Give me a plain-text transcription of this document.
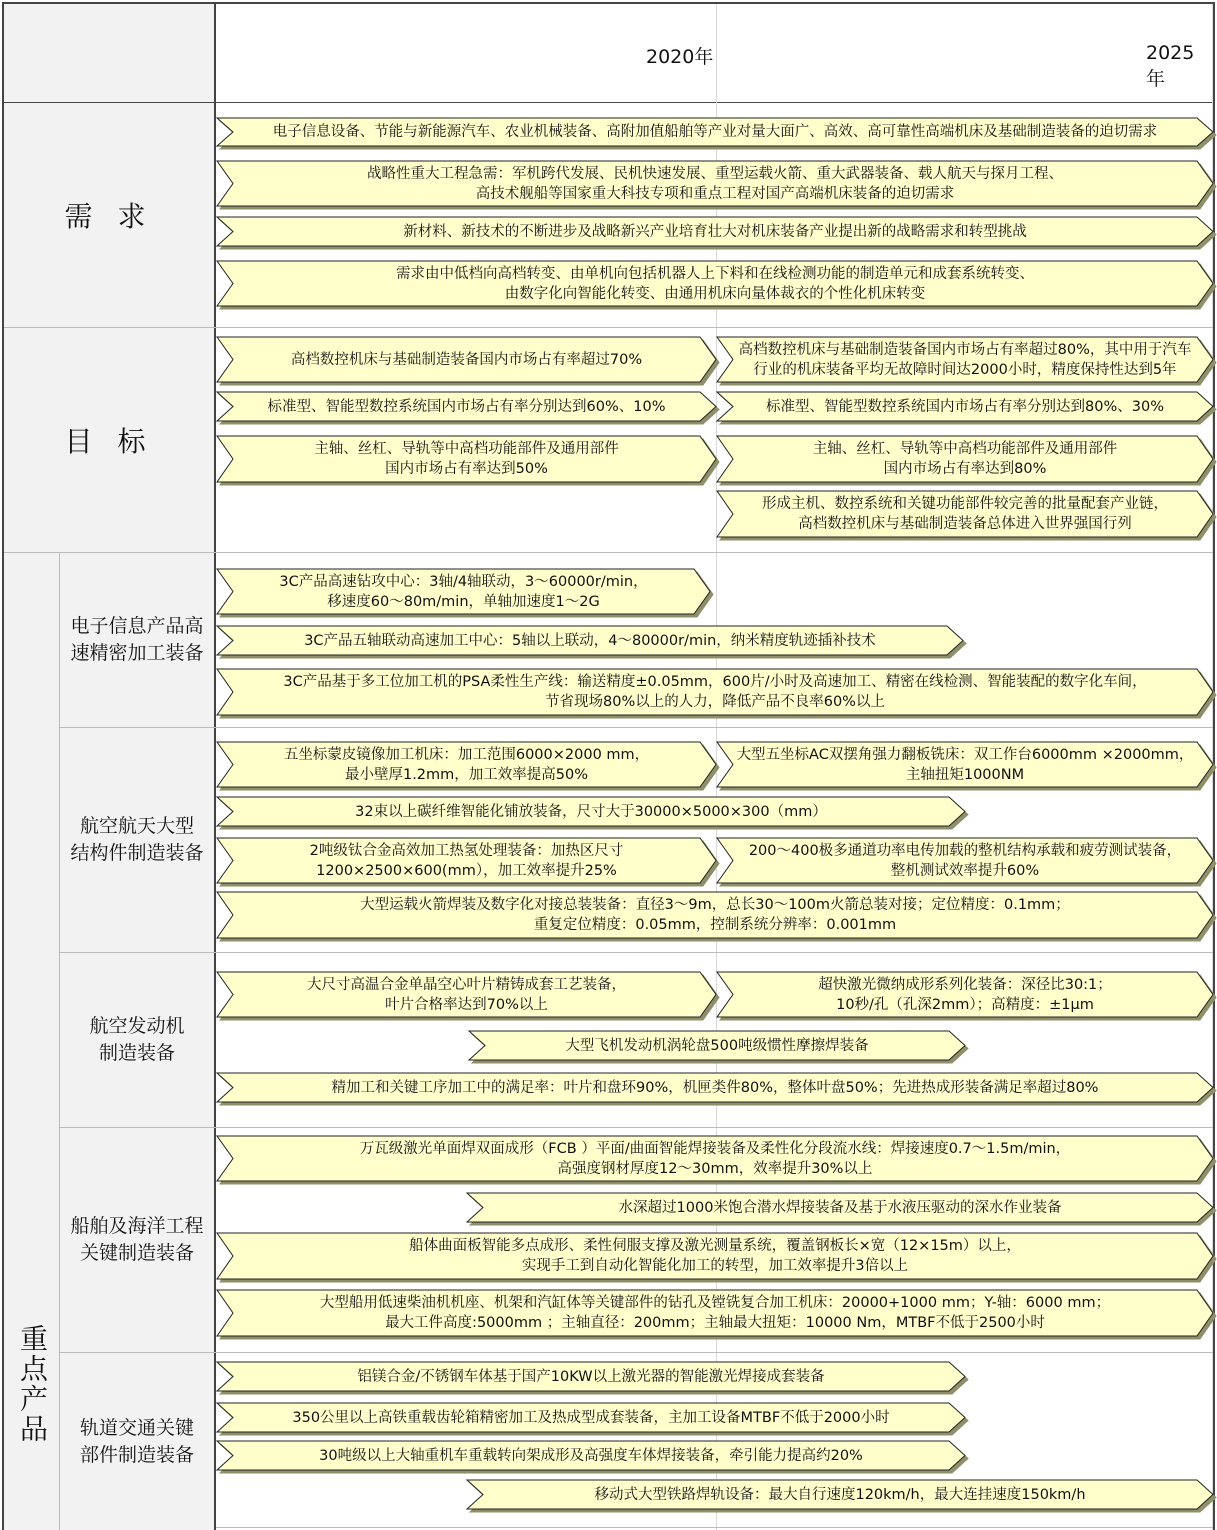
2020年	2025年
需 求
目 标
重点产品
电子信息产品高
速精密加工装备
航空航天大型
结构件制造装备
航空发动机
制造装备
船舶及海洋工程
关键制造装备
轨道交通关键
部件制造装备
电子信息设备、节能与新能源汽车、农业机械装备、高附加值船舶等产业对量大面广、高效、高可靠性高端机床及基础制造装备的迫切需求
战略性重大工程急需：军机跨代发展、民机快速发展、重型运载火箭、重大武器装备、载人航天与探月工程、
高技术舰船等国家重大科技专项和重点工程对国产高端机床装备的迫切需求
新材料、新技术的不断进步及战略新兴产业培育壮大对机床装备产业提出新的战略需求和转型挑战
需求由中低档向高档转变、由单机向包括机器人上下料和在线检测功能的制造单元和成套系统转变、
由数字化向智能化转变、由通用机床向量体裁衣的个性化机床转变
高档数控机床与基础制造装备国内市场占有率超过70%
高档数控机床与基础制造装备国内市场占有率超过80%，其中用于汽车
行业的机床装备平均无故障时间达2000小时，精度保持性达到5年
标准型、智能型数控系统国内市场占有率分别达到60%、10%	标准型、智能型数控系统国内市场占有率分别达到80%、30%
主轴、丝杠、导轨等中高档功能部件及通用部件
国内市场占有率达到50%
主轴、丝杠、导轨等中高档功能部件及通用部件
国内市场占有率达到80%
形成主机、数控系统和关键功能部件较完善的批量配套产业链，
高档数控机床与基础制造装备总体进入世界强国行列
3C产品高速钻攻中心：3轴/4轴联动，3～60000r/min，
移速度60～80m/min，单轴加速度1～2G
3C产品五轴联动高速加工中心：5轴以上联动，4～80000r/min，纳米精度轨迹插补技术
3C产品基于多工位加工机的PSA柔性生产线：输送精度±0.05mm，600片/小时及高速加工、精密在线检测、智能装配的数字化车间，
节省现场80%以上的人力，降低产品不良率60%以上
五坐标蒙皮镜像加工机床：加工范围6000×2000 mm，
最小壁厚1.2mm，加工效率提高50%
大型五坐标AC双摆角强力翻板铣床：双工作台6000mm ×2000mm，
主轴扭矩1000NM
32束以上碳纤维智能化铺放装备，尺寸大于30000×5000×300（mm）
2吨级钛合金高效加工热氢处理装备：加热区尺寸
1200×2500×600(mm），加工效率提升25%
200～400极多通道功率电传加载的整机结构承载和疲劳测试装备，
整机测试效率提升60%
大型运载火箭焊装及数字化对接总装装备：直径3～9m，总长30～100m火箭总装对接；定位精度：0.1mm；
重复定位精度：0.05mm，控制系统分辨率：0.001mm
大尺寸高温合金单晶空心叶片精铸成套工艺装备，
叶片合格率达到70%以上
超快激光微纳成形系列化装备：深径比30:1；
10秒/孔（孔深2mm）；高精度：±1μm
大型飞机发动机涡轮盘500吨级惯性摩擦焊装备
精加工和关键工序加工中的满足率：叶片和盘环90%，机匣类件80%，整体叶盘50%；先进热成形装备满足率超过80%
万瓦级激光单面焊双面成形（FCB ）平面/曲面智能焊接装备及柔性化分段流水线：焊接速度0.7～1.5m/min，
高强度钢材厚度12～30mm，效率提升30%以上
水深超过1000米饱合潜水焊接装备及基于水液压驱动的深水作业装备
船体曲面板智能多点成形、柔性伺服支撑及激光测量系统，覆盖钢板长×宽（12×15m）以上，
实现手工到自动化智能化加工的转型，加工效率提升3倍以上
大型船用低速柴油机机座、机架和汽缸体等关键部件的钻孔及镗铣复合加工机床：20000+1000 mm；Y-轴：6000 mm；
最大工件高度:5000mm ；主轴直径：200mm；主轴最大扭矩：10000 Nm，MTBF不低于2500小时
铝镁合金/不锈钢车体基于国产10KW以上激光器的智能激光焊接成套装备
350公里以上高铁重载齿轮箱精密加工及热成型成套装备，主加工设备MTBF不低于2000小时
30吨级以上大轴重机车重载转向架成形及高强度车体焊接装备，牵引能力提高约20%
移动式大型铁路焊轨设备：最大自行速度120km/h，最大连挂速度150km/h
